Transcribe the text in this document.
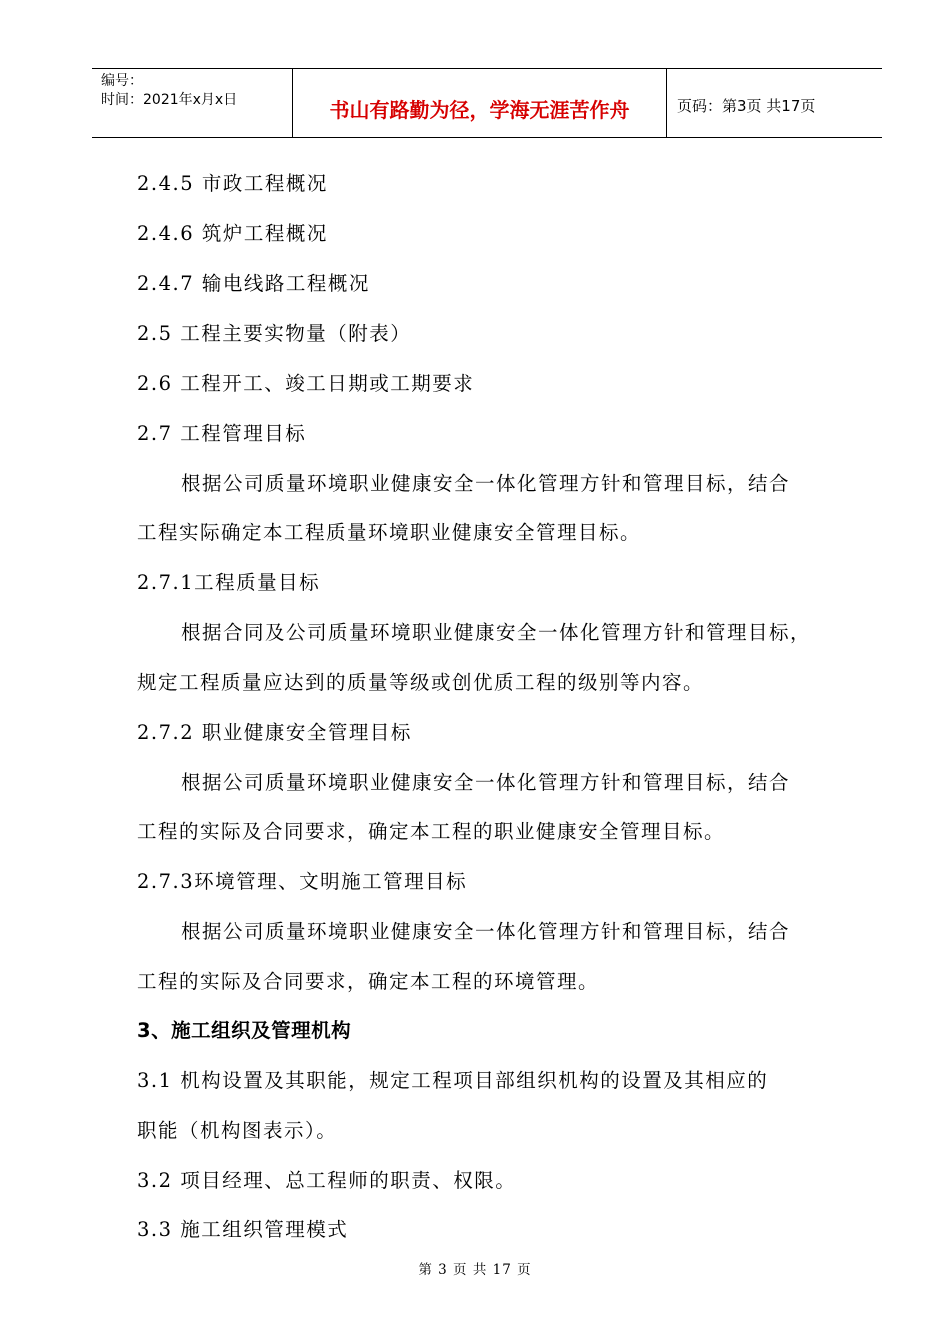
编号：
时间：2021年x月x日	书山有路勤为径，学海无涯苦作舟	页码：第3页 共17页
2.4.5 市政工程概况
2.4.6 筑炉工程概况
2.4.7 输电线路工程概况
2.5 工程主要实物量（附表）
2.6 工程开工、竣工日期或工期要求
2.7 工程管理目标
根据公司质量环境职业健康安全一体化管理方针和管理目标，结合
工程实际确定本工程质量环境职业健康安全管理目标。
2.7.1工程质量目标
根据合同及公司质量环境职业健康安全一体化管理方针和管理目标，
规定工程质量应达到的质量等级或创优质工程的级别等内容。
2.7.2 职业健康安全管理目标
根据公司质量环境职业健康安全一体化管理方针和管理目标，结合
工程的实际及合同要求，确定本工程的职业健康安全管理目标。
2.7.3环境管理、文明施工管理目标
根据公司质量环境职业健康安全一体化管理方针和管理目标，结合
工程的实际及合同要求，确定本工程的环境管理。
3、施工组织及管理机构
3.1 机构设置及其职能，规定工程项目部组织机构的设置及其相应的
职能（机构图表示）。
3.2 项目经理、总工程师的职责、权限。
3.3 施工组织管理模式
第 3 页 共 17 页
